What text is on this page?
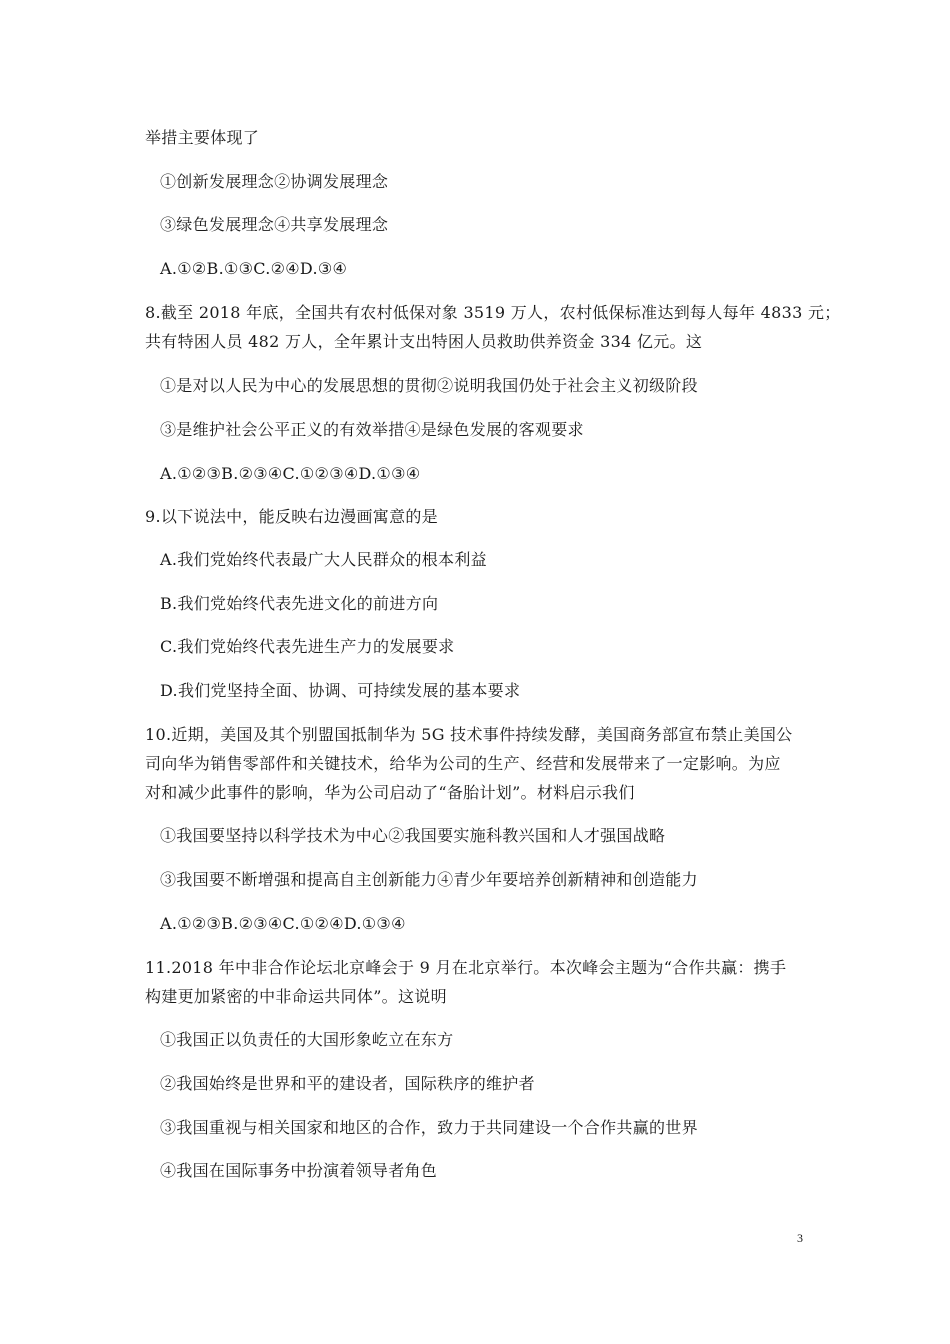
举措主要体现了
①创新发展理念②协调发展理念
③绿色发展理念④共享发展理念
A.①②B.①③C.②④D.③④
8.截至 2018 年底，全国共有农村低保对象 3519 万人，农村低保标准达到每人每年 4833 元；
共有特困人员 482 万人，全年累计支出特困人员救助供养资金 334 亿元。这
①是对以人民为中心的发展思想的贯彻②说明我国仍处于社会主义初级阶段
③是维护社会公平正义的有效举措④是绿色发展的客观要求
A.①②③B.②③④C.①②③④D.①③④
9.以下说法中，能反映右边漫画寓意的是
A.我们党始终代表最广大人民群众的根本利益
B.我们党始终代表先进文化的前进方向
C.我们党始终代表先进生产力的发展要求
D.我们党坚持全面、协调、可持续发展的基本要求
10.近期，美国及其个别盟国抵制华为 5G 技术事件持续发酵，美国商务部宣布禁止美国公
司向华为销售零部件和关键技术，给华为公司的生产、经营和发展带来了一定影响。为应
对和减少此事件的影响，华为公司启动了“备胎计划”。材料启示我们
①我国要坚持以科学技术为中心②我国要实施科教兴国和人才强国战略
③我国要不断增强和提高自主创新能力④青少年要培养创新精神和创造能力
A.①②③B.②③④C.①②④D.①③④
11.2018 年中非合作论坛北京峰会于 9 月在北京举行。本次峰会主题为“合作共赢：携手
构建更加紧密的中非命运共同体”。这说明
①我国正以负责任的大国形象屹立在东方
②我国始终是世界和平的建设者，国际秩序的维护者
③我国重视与相关国家和地区的合作，致力于共同建设一个合作共赢的世界
④我国在国际事务中扮演着领导者角色
3
